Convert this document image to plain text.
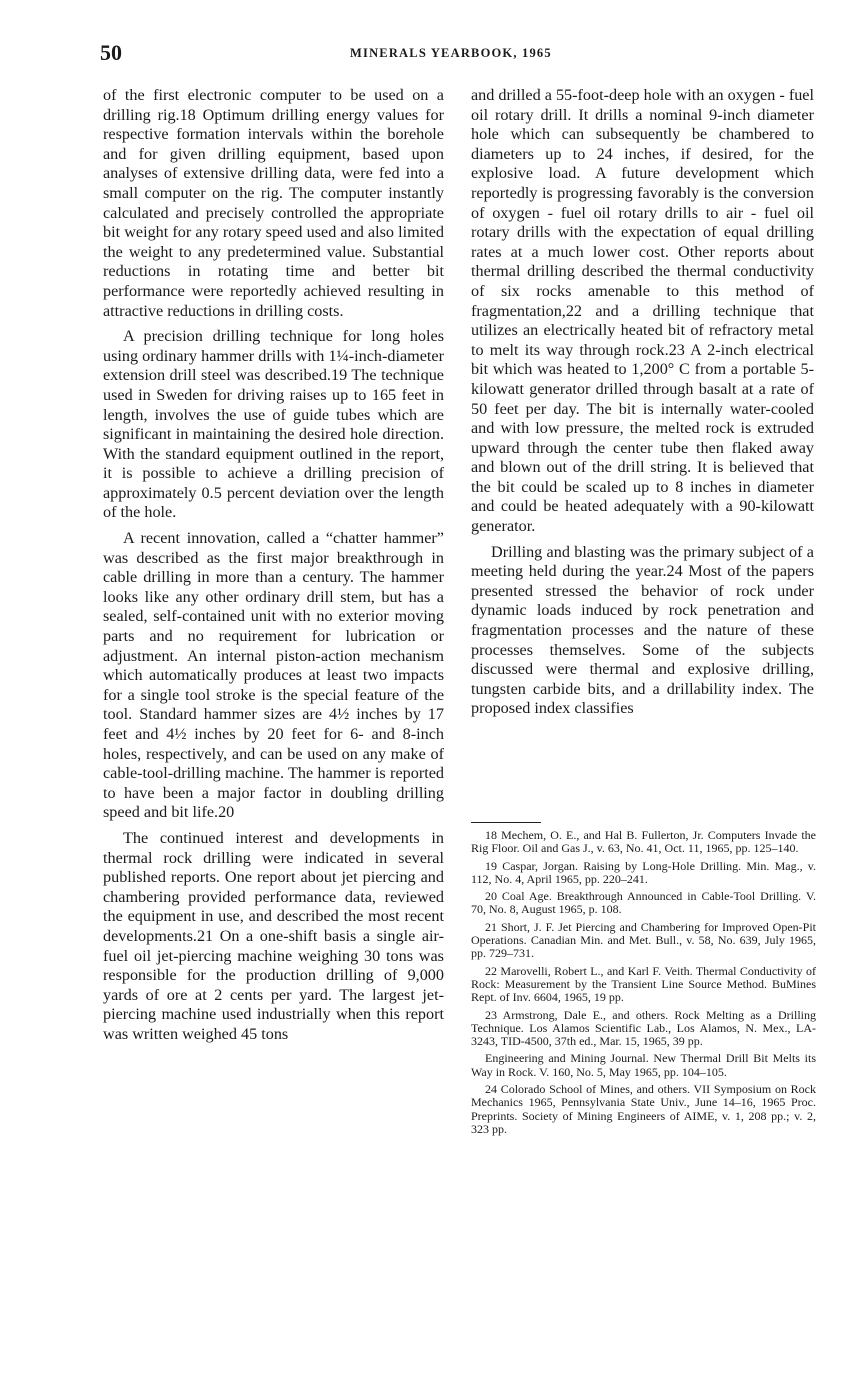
50	MINERALS YEARBOOK, 1965

of the first electronic computer to be used on a drilling rig.18 Optimum drilling energy values for respective formation intervals within the borehole and for given drilling equipment, based upon analyses of extensive drilling data, were fed into a small computer on the rig. The computer instantly calculated and precisely controlled the appropriate bit weight for any rotary speed used and also limited the weight to any predetermined value. Substantial reductions in rotating time and better bit performance were reportedly achieved resulting in attractive reductions in drilling costs.

A precision drilling technique for long holes using ordinary hammer drills with 1¼-inch-diameter extension drill steel was described.19 The technique used in Sweden for driving raises up to 165 feet in length, involves the use of guide tubes which are significant in maintaining the desired hole direction. With the standard equipment outlined in the report, it is possible to achieve a drilling precision of approximately 0.5 percent deviation over the length of the hole.

A recent innovation, called a “chatter hammer” was described as the first major breakthrough in cable drilling in more than a century. The hammer looks like any other ordinary drill stem, but has a sealed, self-contained unit with no exterior moving parts and no requirement for lubrication or adjustment. An internal piston-action mechanism which automatically produces at least two impacts for a single tool stroke is the special feature of the tool. Standard hammer sizes are 4½ inches by 17 feet and 4½ inches by 20 feet for 6- and 8-inch holes, respectively, and can be used on any make of cable-tool-drilling machine. The hammer is reported to have been a major factor in doubling drilling speed and bit life.20

The continued interest and developments in thermal rock drilling were indicated in several published reports. One report about jet piercing and chambering provided performance data, reviewed the equipment in use, and described the most recent developments.21 On a one-shift basis a single air-fuel oil jet-piercing machine weighing 30 tons was responsible for the production drilling of 9,000 yards of ore at 2 cents per yard. The largest jet-piercing machine used industrially when this report was written weighed 45 tons

and drilled a 55-foot-deep hole with an oxygen - fuel oil rotary drill. It drills a nominal 9-inch diameter hole which can subsequently be chambered to diameters up to 24 inches, if desired, for the explosive load. A future development which reportedly is progressing favorably is the conversion of oxygen - fuel oil rotary drills to air - fuel oil rotary drills with the expectation of equal drilling rates at a much lower cost. Other reports about thermal drilling described the thermal conductivity of six rocks amenable to this method of fragmentation,22 and a drilling technique that utilizes an electrically heated bit of refractory metal to melt its way through rock.23 A 2-inch electrical bit which was heated to 1,200° C from a portable 5-kilowatt generator drilled through basalt at a rate of 50 feet per day. The bit is internally water-cooled and with low pressure, the melted rock is extruded upward through the center tube then flaked away and blown out of the drill string. It is believed that the bit could be scaled up to 8 inches in diameter and could be heated adequately with a 90-kilowatt generator.

Drilling and blasting was the primary subject of a meeting held during the year.24 Most of the papers presented stressed the behavior of rock under dynamic loads induced by rock penetration and fragmentation processes and the nature of these processes themselves. Some of the subjects discussed were thermal and explosive drilling, tungsten carbide bits, and a drillability index. The proposed index classifies

18 Mechem, O. E., and Hal B. Fullerton, Jr. Computers Invade the Rig Floor. Oil and Gas J., v. 63, No. 41, Oct. 11, 1965, pp. 125–140.

19 Caspar, Jorgan. Raising by Long-Hole Drilling. Min. Mag., v. 112, No. 4, April 1965, pp. 220–241.

20 Coal Age. Breakthrough Announced in Cable-Tool Drilling. V. 70, No. 8, August 1965, p. 108.

21 Short, J. F. Jet Piercing and Chambering for Improved Open-Pit Operations. Canadian Min. and Met. Bull., v. 58, No. 639, July 1965, pp. 729–731.

22 Marovelli, Robert L., and Karl F. Veith. Thermal Conductivity of Rock: Measurement by the Transient Line Source Method. BuMines Rept. of Inv. 6604, 1965, 19 pp.

23 Armstrong, Dale E., and others. Rock Melting as a Drilling Technique. Los Alamos Scientific Lab., Los Alamos, N. Mex., LA-3243, TID-4500, 37th ed., Mar. 15, 1965, 39 pp.

Engineering and Mining Journal. New Thermal Drill Bit Melts its Way in Rock. V. 160, No. 5, May 1965, pp. 104–105.

24 Colorado School of Mines, and others. VII Symposium on Rock Mechanics 1965, Pennsylvania State Univ., June 14–16, 1965 Proc. Preprints. Society of Mining Engineers of AIME, v. 1, 208 pp.; v. 2, 323 pp.
